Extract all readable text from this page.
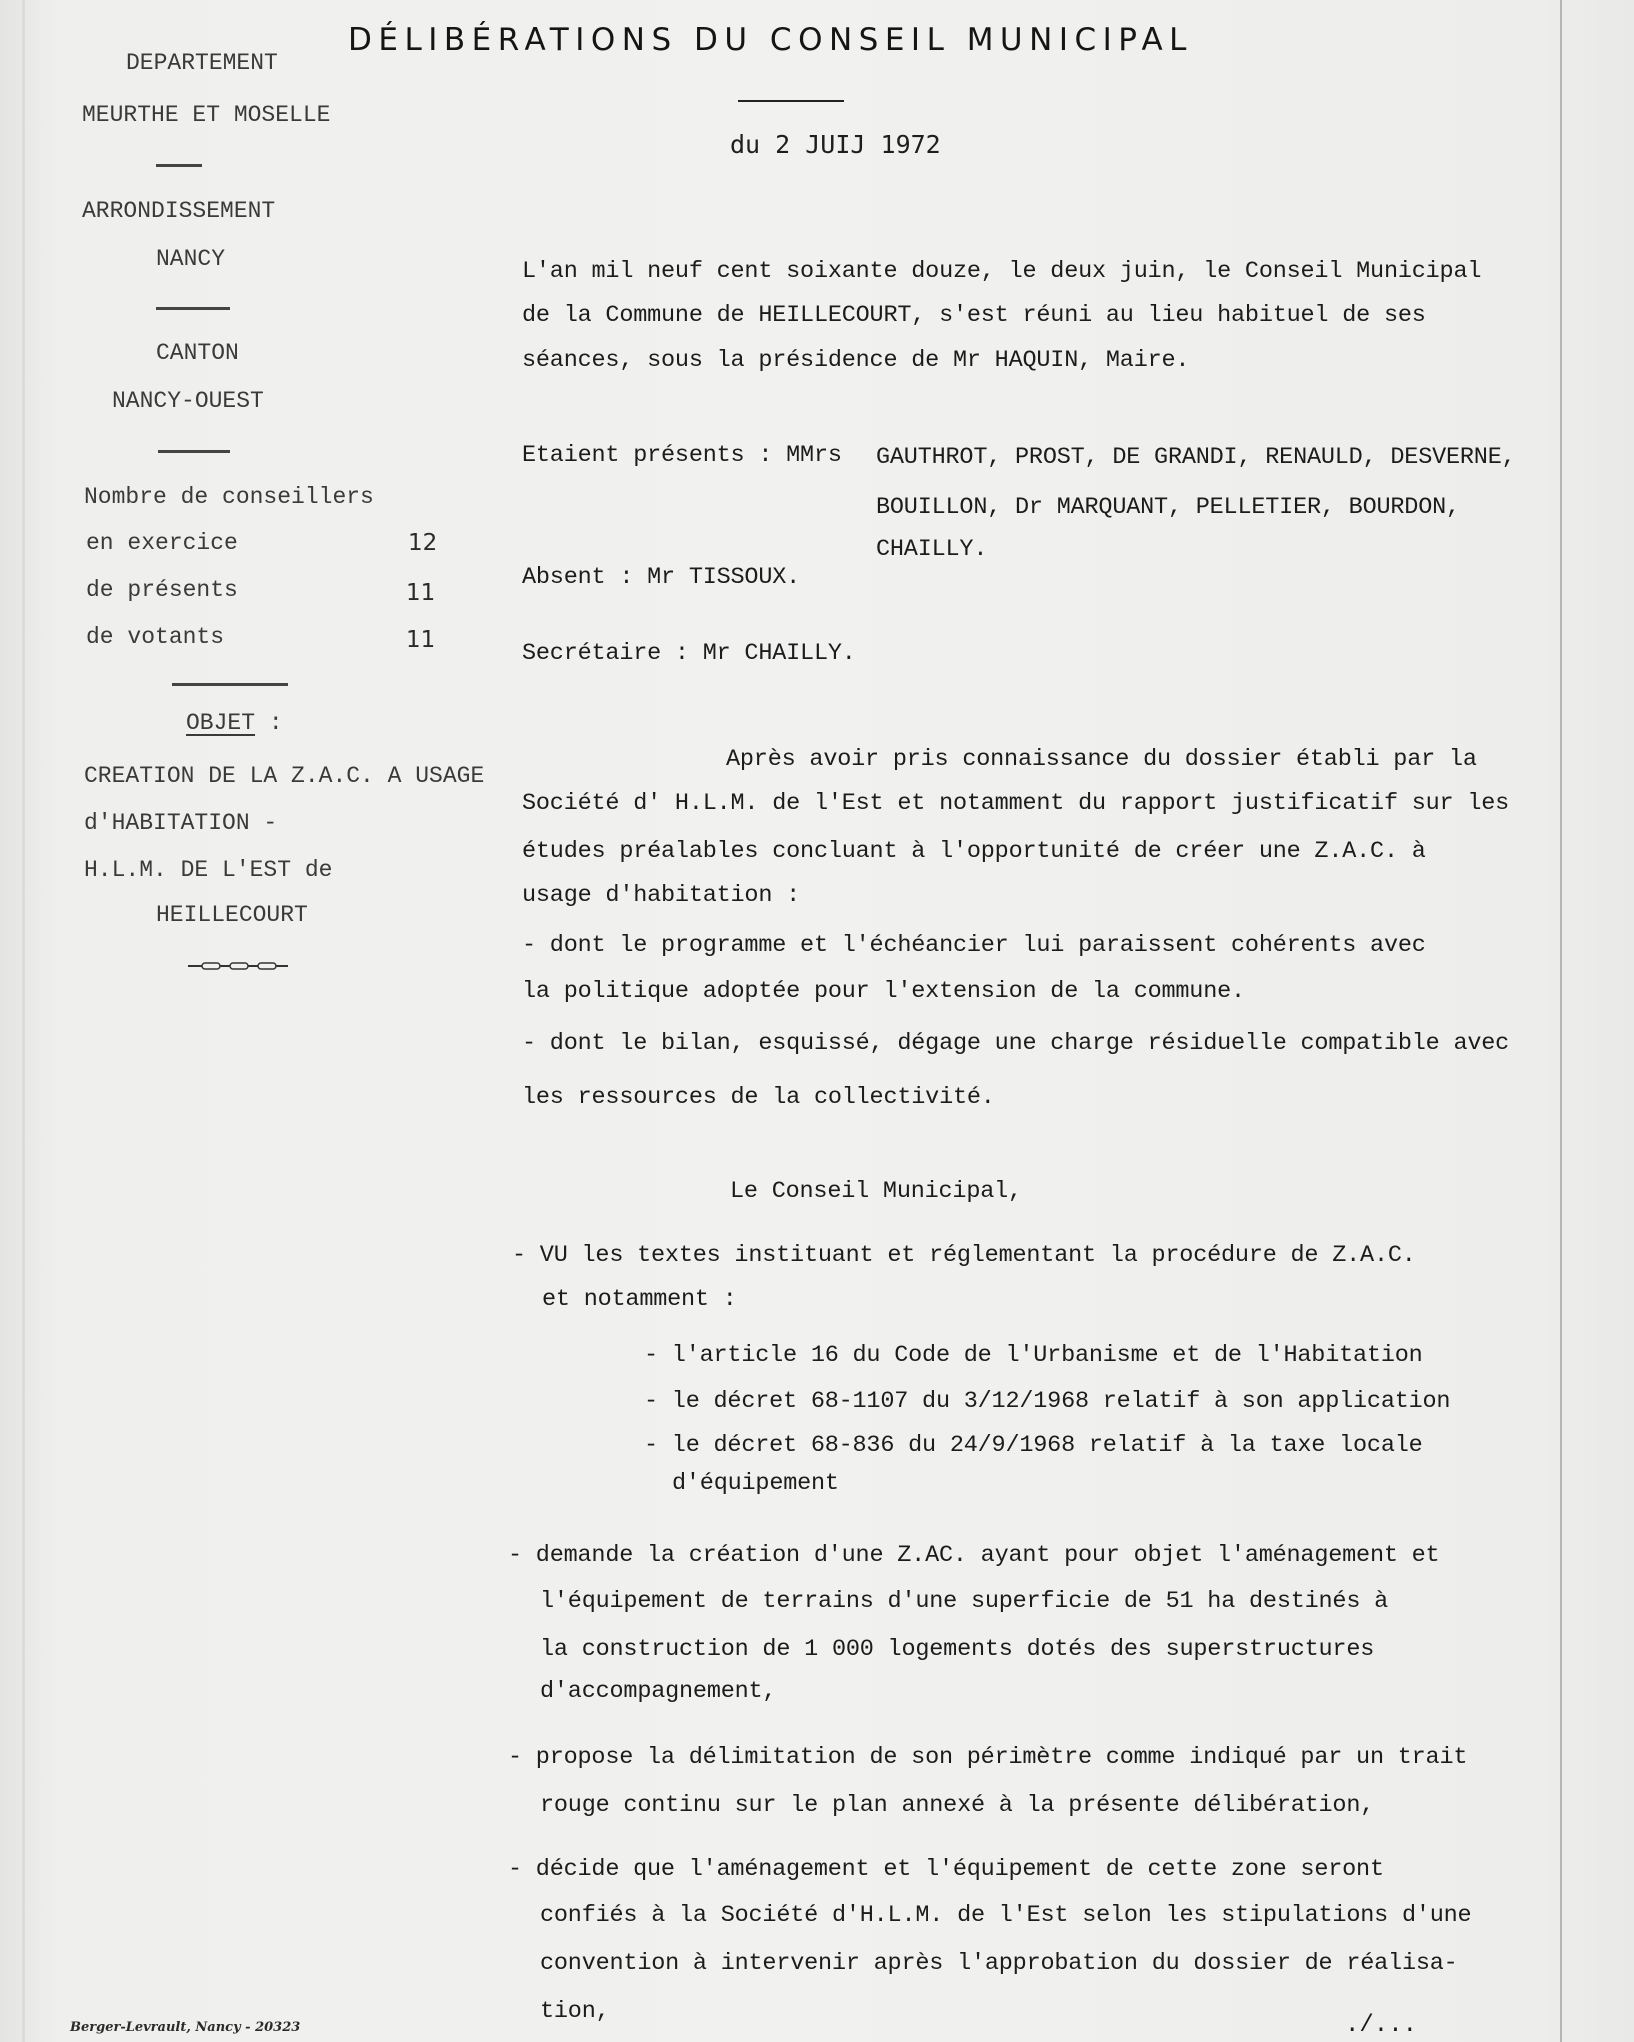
DÉLIBÉRATIONS DU CONSEIL MUNICIPAL
du 2 JUIJ 1972
DEPARTEMENT
MEURTHE ET MOSELLE
ARRONDISSEMENT
NANCY
CANTON
NANCY-OUEST
Nombre de conseillers
en exercice	12
de présents	11
de votants	11
OBJET :
CREATION DE LA Z.A.C. A USAGE
d'HABITATION -
H.L.M. DE L'EST de
HEILLECOURT
L'an mil neuf cent soixante douze, le deux juin, le Conseil Municipal
de la Commune de HEILLECOURT, s'est réuni au lieu habituel de ses
séances, sous la présidence de Mr HAQUIN, Maire.
Etaient présents : MMrs GAUTHROT, PROST, DE GRANDI, RENAULD, DESVERNE,
BOUILLON, Dr MARQUANT, PELLETIER, BOURDON,
CHAILLY.
Absent : Mr TISSOUX.
Secrétaire : Mr CHAILLY.
Après avoir pris connaissance du dossier établi par la
Société d' H.L.M. de l'Est et notamment du rapport justificatif sur les
études préalables concluant à l'opportunité de créer une Z.A.C. à
usage d'habitation :
- dont le programme et l'échéancier lui paraissent cohérents avec
la politique adoptée pour l'extension de la commune.
- dont le bilan, esquissé, dégage une charge résiduelle compatible avec
les ressources de la collectivité.
Le Conseil Municipal,
- VU les textes instituant et réglementant la procédure de Z.A.C.
et notamment :
- l'article 16 du Code de l'Urbanisme et de l'Habitation
- le décret 68-1107 du 3/12/1968 relatif à son application
- le décret 68-836 du 24/9/1968 relatif à la taxe locale
d'équipement
- demande la création d'une Z.AC. ayant pour objet l'aménagement et
l'équipement de terrains d'une superficie de 51 ha destinés à
la construction de 1 000 logements dotés des superstructures
d'accompagnement,
- propose la délimitation de son périmètre comme indiqué par un trait
rouge continu sur le plan annexé à la présente délibération,
- décide que l'aménagement et l'équipement de cette zone seront
confiés à la Société d'H.L.M. de l'Est selon les stipulations d'une
convention à intervenir après l'approbation du dossier de réalisa-
tion,
./...
Berger-Levrault, Nancy - 20323
